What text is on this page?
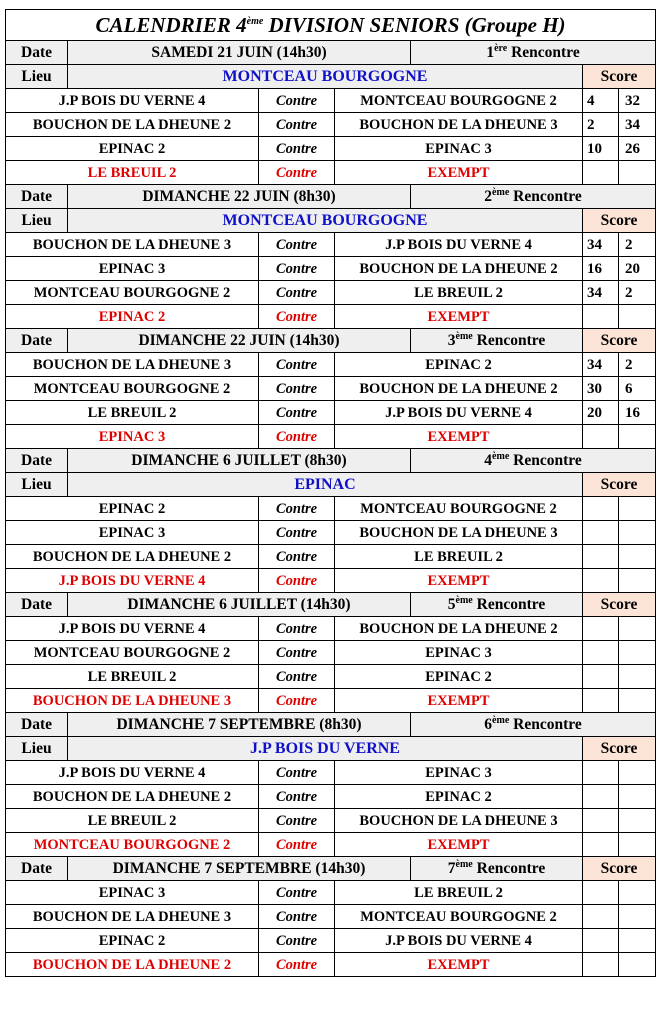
CALENDRIER 4ème DIVISION SENIORS (Groupe H)						
Date	SAMEDI 21 JUIN (14h30)			1ère Rencontre		
Lieu	MONTCEAU BOURGOGNE				Score	
J.P BOIS DU VERNE 4		Contre	MONTCEAU BOURGOGNE 2		4	32
BOUCHON DE LA DHEUNE 2		Contre	BOUCHON DE LA DHEUNE 3		2	34
EPINAC 2		Contre	EPINAC 3		10	26
LE BREUIL 2		Contre	EXEMPT			
Date	DIMANCHE 22 JUIN (8h30)			2ème Rencontre		
Lieu	MONTCEAU BOURGOGNE				Score	
BOUCHON DE LA DHEUNE 3		Contre	J.P BOIS DU VERNE 4		34	2
EPINAC 3		Contre	BOUCHON DE LA DHEUNE 2		16	20
MONTCEAU BOURGOGNE 2		Contre	LE BREUIL 2		34	2
EPINAC 2		Contre	EXEMPT			
Date	DIMANCHE 22 JUIN (14h30)			3ème Rencontre	Score	
BOUCHON DE LA DHEUNE 3		Contre	EPINAC 2		34	2
MONTCEAU BOURGOGNE 2		Contre	BOUCHON DE LA DHEUNE 2		30	6
LE BREUIL 2		Contre	J.P BOIS DU VERNE 4		20	16
EPINAC 3		Contre	EXEMPT			
Date	DIMANCHE 6 JUILLET (8h30)			4ème Rencontre		
Lieu	EPINAC				Score	
EPINAC 2		Contre	MONTCEAU BOURGOGNE 2			
EPINAC 3		Contre	BOUCHON DE LA DHEUNE 3			
BOUCHON DE LA DHEUNE 2		Contre	LE BREUIL 2			
J.P BOIS DU VERNE 4		Contre	EXEMPT			
Date	DIMANCHE 6 JUILLET (14h30)			5ème Rencontre	Score	
J.P BOIS DU VERNE 4		Contre	BOUCHON DE LA DHEUNE 2			
MONTCEAU BOURGOGNE 2		Contre	EPINAC 3			
LE BREUIL 2		Contre	EPINAC 2			
BOUCHON DE LA DHEUNE 3		Contre	EXEMPT			
Date	DIMANCHE 7 SEPTEMBRE (8h30)			6ème Rencontre		
Lieu	J.P BOIS DU VERNE				Score	
J.P BOIS DU VERNE 4		Contre	EPINAC 3			
BOUCHON DE LA DHEUNE 2		Contre	EPINAC 2			
LE BREUIL 2		Contre	BOUCHON DE LA DHEUNE 3			
MONTCEAU BOURGOGNE 2		Contre	EXEMPT			
Date	DIMANCHE 7 SEPTEMBRE (14h30)			7ème Rencontre	Score	
EPINAC 3		Contre	LE BREUIL 2			
BOUCHON DE LA DHEUNE 3		Contre	MONTCEAU BOURGOGNE 2			
EPINAC 2		Contre	J.P BOIS DU VERNE 4			
BOUCHON DE LA DHEUNE 2		Contre	EXEMPT			
